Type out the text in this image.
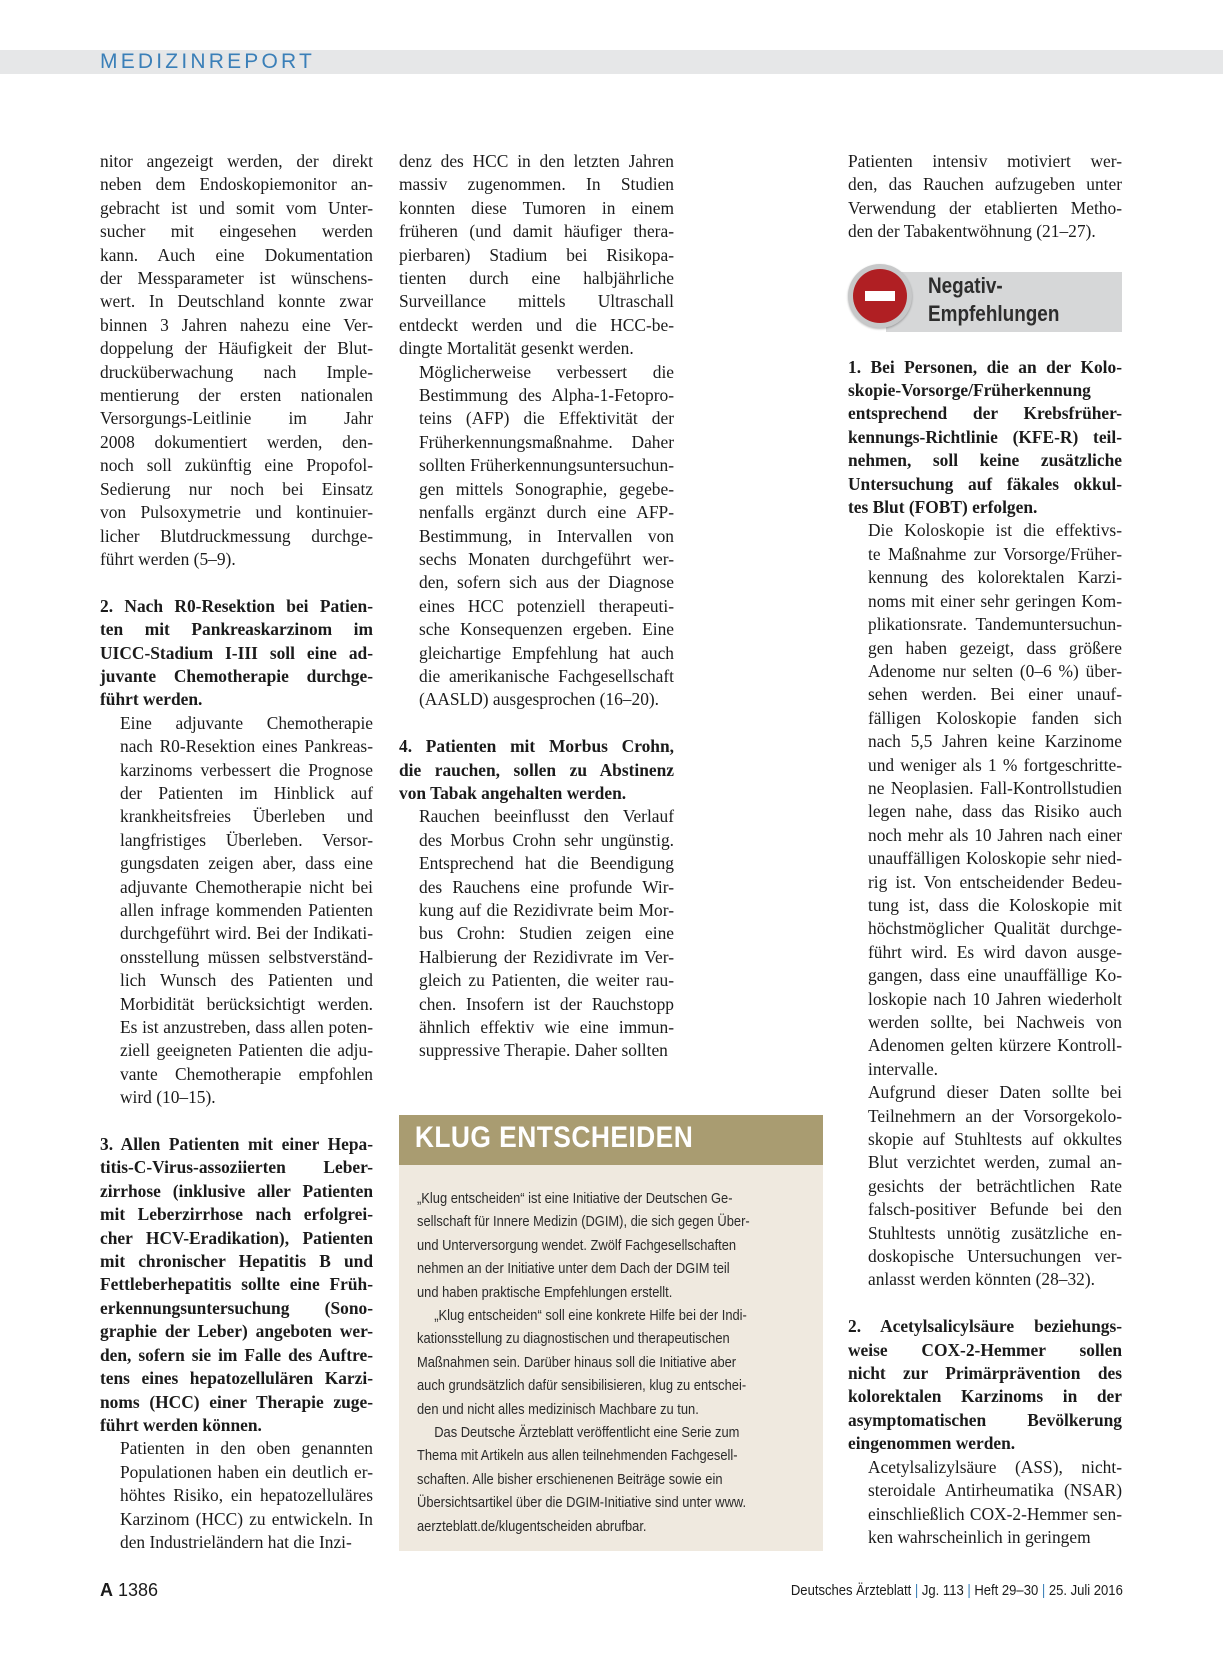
MEDIZINREPORT

nitor angezeigt werden, der direkt
neben dem Endoskopiemonitor an-
gebracht ist und somit vom Unter-
sucher mit eingesehen werden
kann. Auch eine Dokumentation
der Messparameter ist wünschens-
wert. In Deutschland konnte zwar
binnen 3 Jahren nahezu eine Ver-
doppelung der Häufigkeit der Blut-
drucküberwachung nach Imple-
mentierung der ersten nationalen
Versorgungs-Leitlinie im Jahr
2008 dokumentiert werden, den-
noch soll zukünftig eine Propofol-
Sedierung nur noch bei Einsatz
von Pulsoxymetrie und kontinuier-
licher Blutdruckmessung durchge-
führt werden (5–9).

2. Nach R0-Resektion bei Patien-
ten mit Pankreaskarzinom im
UICC-Stadium I-III soll eine ad-
juvante Chemotherapie durchge-
führt werden.

Eine adjuvante Chemotherapie
nach R0-Resektion eines Pankreas-
karzinoms verbessert die Prognose
der Patienten im Hinblick auf
krankheitsfreies Überleben und
langfristiges Überleben. Versor-
gungsdaten zeigen aber, dass eine
adjuvante Chemotherapie nicht bei
allen infrage kommenden Patienten
durchgeführt wird. Bei der Indikati-
onsstellung müssen selbstverständ-
lich Wunsch des Patienten und
Morbidität berücksichtigt werden.
Es ist anzustreben, dass allen poten-
ziell geeigneten Patienten die adju-
vante Chemotherapie empfohlen
wird (10–15).

3. Allen Patienten mit einer Hepa-
titis-C-Virus-assoziierten Leber-
zirrhose (inklusive aller Patienten
mit Leberzirrhose nach erfolgrei-
cher HCV-Eradikation), Patienten
mit chronischer Hepatitis B und
Fettleberhepatitis sollte eine Früh-
erkennungsuntersuchung (Sono-
graphie der Leber) angeboten wer-
den, sofern sie im Falle des Auftre-
tens eines hepatozellulären Karzi-
noms (HCC) einer Therapie zuge-
führt werden können.

Patienten in den oben genannten
Populationen haben ein deutlich er-
höhtes Risiko, ein hepatozelluläres
Karzinom (HCC) zu entwickeln. In
den Industrieländern hat die Inzi-

denz des HCC in den letzten Jahren
massiv zugenommen. In Studien
konnten diese Tumoren in einem
früheren (und damit häufiger thera-
pierbaren) Stadium bei Risikopa-
tienten durch eine halbjährliche
Surveillance mittels Ultraschall
entdeckt werden und die HCC-be-
dingte Mortalität gesenkt werden.

Möglicherweise verbessert die
Bestimmung des Alpha-1-Fetopro-
teins (AFP) die Effektivität der
Früherkennungsmaßnahme. Daher
sollten Früherkennungsuntersuchun-
gen mittels Sonographie, gegebe-
nenfalls ergänzt durch eine AFP-
Bestimmung, in Intervallen von
sechs Monaten durchgeführt wer-
den, sofern sich aus der Diagnose
eines HCC potenziell therapeuti-
sche Konsequenzen ergeben. Eine
gleichartige Empfehlung hat auch
die amerikanische Fachgesellschaft
(AASLD) ausgesprochen (16–20).

4. Patienten mit Morbus Crohn,
die rauchen, sollen zu Abstinenz
von Tabak angehalten werden.

Rauchen beeinflusst den Verlauf
des Morbus Crohn sehr ungünstig.
Entsprechend hat die Beendigung
des Rauchens eine profunde Wir-
kung auf die Rezidivrate beim Mor-
bus Crohn: Studien zeigen eine
Halbierung der Rezidivrate im Ver-
gleich zu Patienten, die weiter rau-
chen. Insofern ist der Rauchstopp
ähnlich effektiv wie eine immun-
suppressive Therapie. Daher sollten

Patienten intensiv motiviert wer-
den, das Rauchen aufzugeben unter
Verwendung der etablierten Metho-
den der Tabakentwöhnung (21–27).

Negativ-
Empfehlungen

1. Bei Personen, die an der Kolo-
skopie-Vorsorge/Früherkennung
entsprechend der Krebsfrüher-
kennungs-Richtlinie (KFE-R) teil-
nehmen, soll keine zusätzliche
Untersuchung auf fäkales okkul-
tes Blut (FOBT) erfolgen.

Die Koloskopie ist die effektivs-
te Maßnahme zur Vorsorge/Früher-
kennung des kolorektalen Karzi-
noms mit einer sehr geringen Kom-
plikationsrate. Tandemuntersuchun-
gen haben gezeigt, dass größere
Adenome nur selten (0–6 %) über-
sehen werden. Bei einer unauf-
fälligen Koloskopie fanden sich
nach 5,5 Jahren keine Karzinome
und weniger als 1 % fortgeschritte-
ne Neoplasien. Fall-Kontrollstudien
legen nahe, dass das Risiko auch
noch mehr als 10 Jahren nach einer
unauffälligen Koloskopie sehr nied-
rig ist. Von entscheidender Bedeu-
tung ist, dass die Koloskopie mit
höchstmöglicher Qualität durchge-
führt wird. Es wird davon ausge-
gangen, dass eine unauffällige Ko-
loskopie nach 10 Jahren wiederholt
werden sollte, bei Nachweis von
Adenomen gelten kürzere Kontroll-
intervalle.

Aufgrund dieser Daten sollte bei
Teilnehmern an der Vorsorgekolo-
skopie auf Stuhltests auf okkultes
Blut verzichtet werden, zumal an-
gesichts der beträchtlichen Rate
falsch-positiver Befunde bei den
Stuhltests unnötig zusätzliche en-
doskopische Untersuchungen ver-
anlasst werden könnten (28–32).

2. Acetylsalicylsäure beziehungs-
weise COX-2-Hemmer sollen
nicht zur Primärprävention des
kolorektalen Karzinoms in der
asymptomatischen Bevölkerung
eingenommen werden.

Acetylsalizylsäure (ASS), nicht-
steroidale Antirheumatika (NSAR)
einschließlich COX-2-Hemmer sen-
ken wahrscheinlich in geringem

KLUG ENTSCHEIDEN

„Klug entscheiden“ ist eine Initiative der Deutschen Ge-
sellschaft für Innere Medizin (DGIM), die sich gegen Über-
und Unterversorgung wendet. Zwölf Fachgesellschaften
nehmen an der Initiative unter dem Dach der DGIM teil
und haben praktische Empfehlungen erstellt.

„Klug entscheiden“ soll eine konkrete Hilfe bei der Indi-
kationsstellung zu diagnostischen und therapeutischen
Maßnahmen sein. Darüber hinaus soll die Initiative aber
auch grundsätzlich dafür sensibilisieren, klug zu entschei-
den und nicht alles medizinisch Machbare zu tun.

Das Deutsche Ärzteblatt veröffentlicht eine Serie zum
Thema mit Artikeln aus allen teilnehmenden Fachgesell-
schaften. Alle bisher erschienenen Beiträge sowie ein
Übersichtsartikel über die DGIM-Initiative sind unter www.
aerzteblatt.de/klugentscheiden abrufbar.

A 1386	Deutsches Ärzteblatt | Jg. 113 | Heft 29–30 | 25. Juli 2016
